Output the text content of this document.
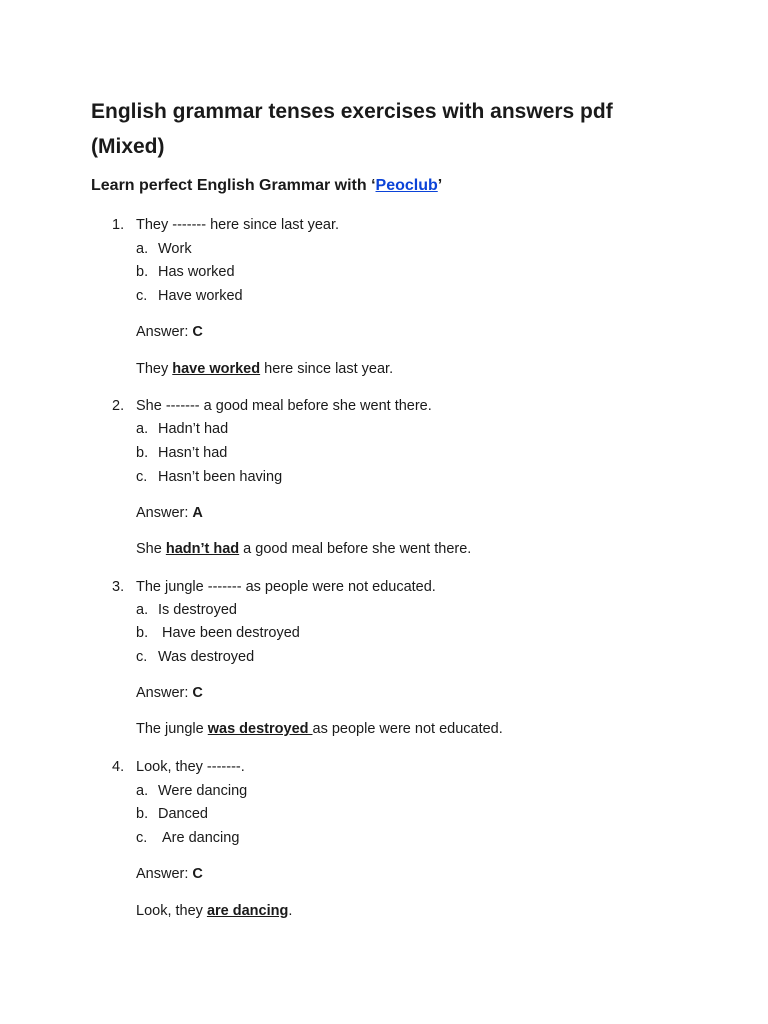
English grammar tenses exercises with answers pdf (Mixed)
Learn perfect English Grammar with ‘Peoclub’
1. They ------- here since last year.
a. Work
b. Has worked
c. Have worked
Answer: C
They have worked here since last year.
2. She ------- a good meal before she went there.
a. Hadn’t had
b. Hasn’t had
c. Hasn’t been having
Answer: A
She hadn’t had a good meal before she went there.
3. The jungle ------- as people were not educated.
a. Is destroyed
b. Have been destroyed
c. Was destroyed
Answer: C
The jungle was destroyed as people were not educated.
4. Look, they -------.
a. Were dancing
b. Danced
c. Are dancing
Answer: C
Look, they are dancing.
